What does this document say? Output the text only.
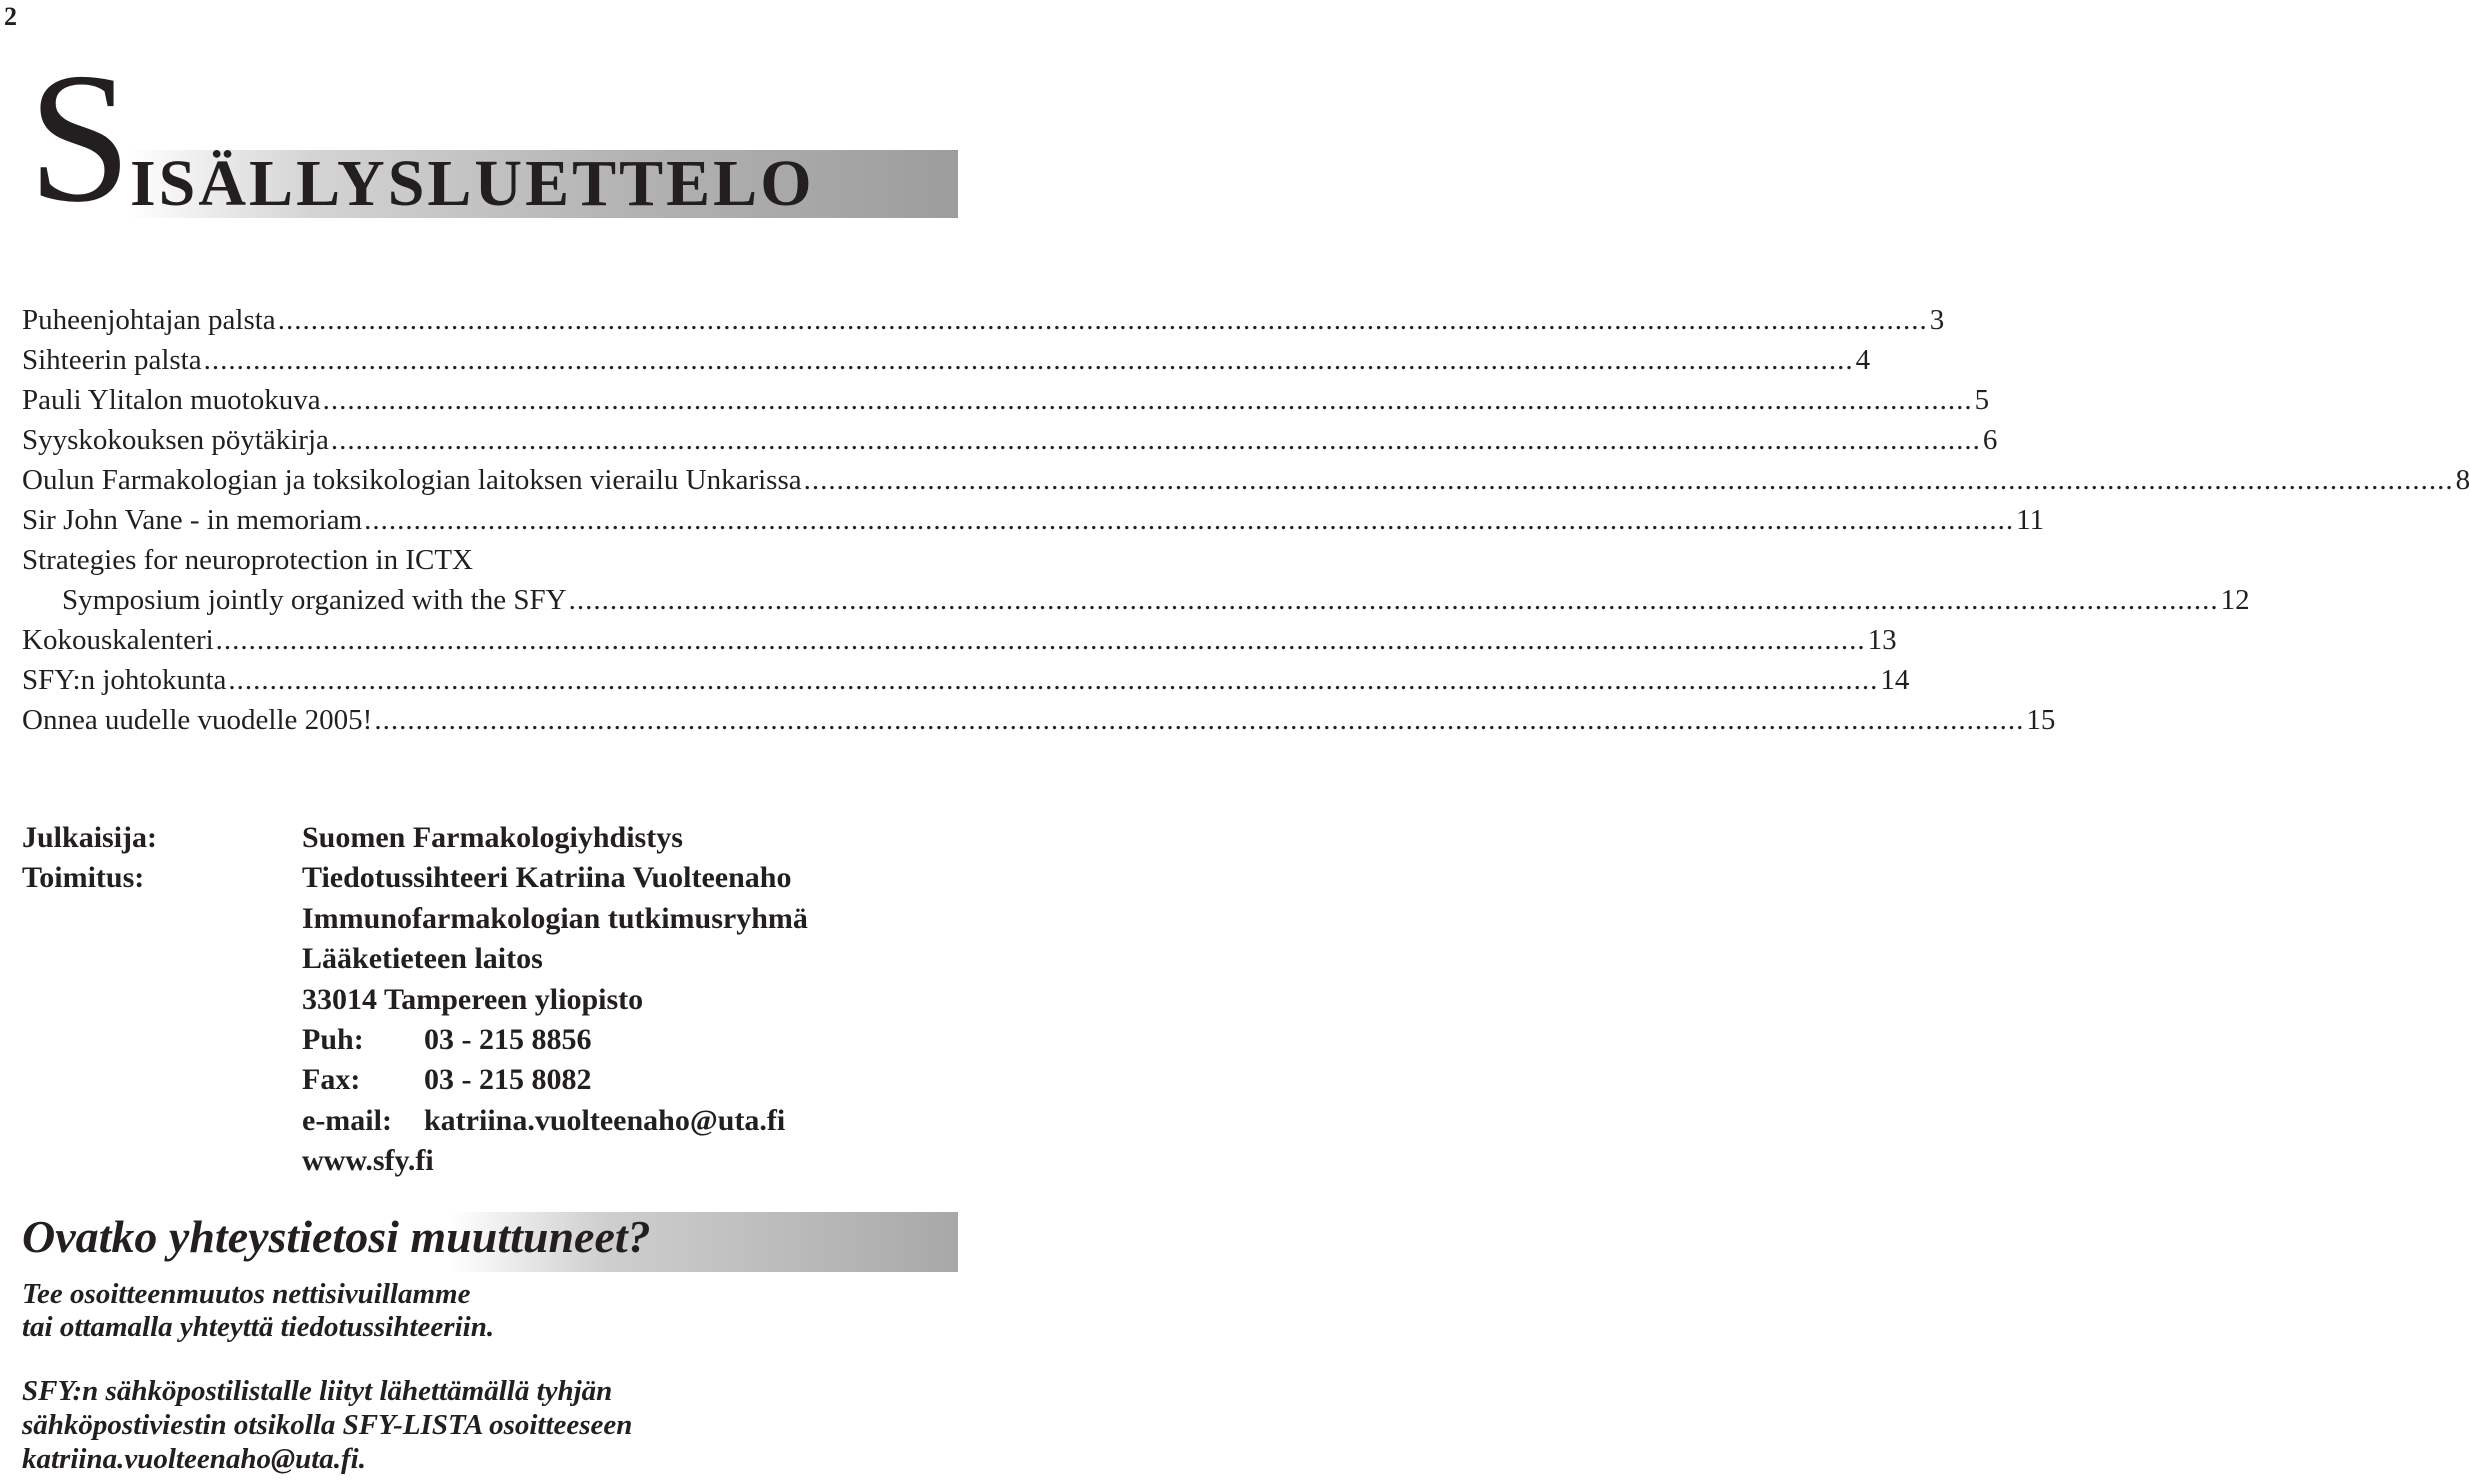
2
S
ISÄLLYSLUETTELO
Puheenjohtajan palsta ........................................................................................................................................................................................................ 3
Sihteerin palsta ........................................................................................................................................................................................................ 4
Pauli Ylitalon muotokuva ........................................................................................................................................................................................................ 5
Syyskokouksen pöytäkirja ........................................................................................................................................................................................................ 6
Oulun Farmakologian ja toksikologian laitoksen vierailu Unkarissa ........................................................................................................................................................................................................ 8
Sir John Vane - in memoriam ........................................................................................................................................................................................................ 11
Strategies for neuroprotection in ICTX
Symposium jointly organized with the SFY ........................................................................................................................................................................................................ 12
Kokouskalenteri ........................................................................................................................................................................................................ 13
SFY:n johtokunta ........................................................................................................................................................................................................ 14
Onnea uudelle vuodelle 2005! ........................................................................................................................................................................................................ 15
Julkaisija:	Suomen Farmakologiyhdistys
Toimitus:	Tiedotussihteeri Katriina Vuolteenaho
Immunofarmakologian tutkimusryhmä
Lääketieteen laitos
33014 Tampereen yliopisto
Puh: 03 - 215 8856
Fax: 03 - 215 8082
e-mail: katriina.vuolteenaho@uta.fi
www.sfy.fi
Ovatko yhteystietosi muuttuneet?
Tee osoitteenmuutos nettisivuillamme
tai ottamalla yhteyttä tiedotussihteeriin.
SFY:n sähköpostilistalle liityt lähettämällä tyhjän
sähköpostiviestin otsikolla SFY-LISTA osoitteeseen
katriina.vuolteenaho@uta.fi.
